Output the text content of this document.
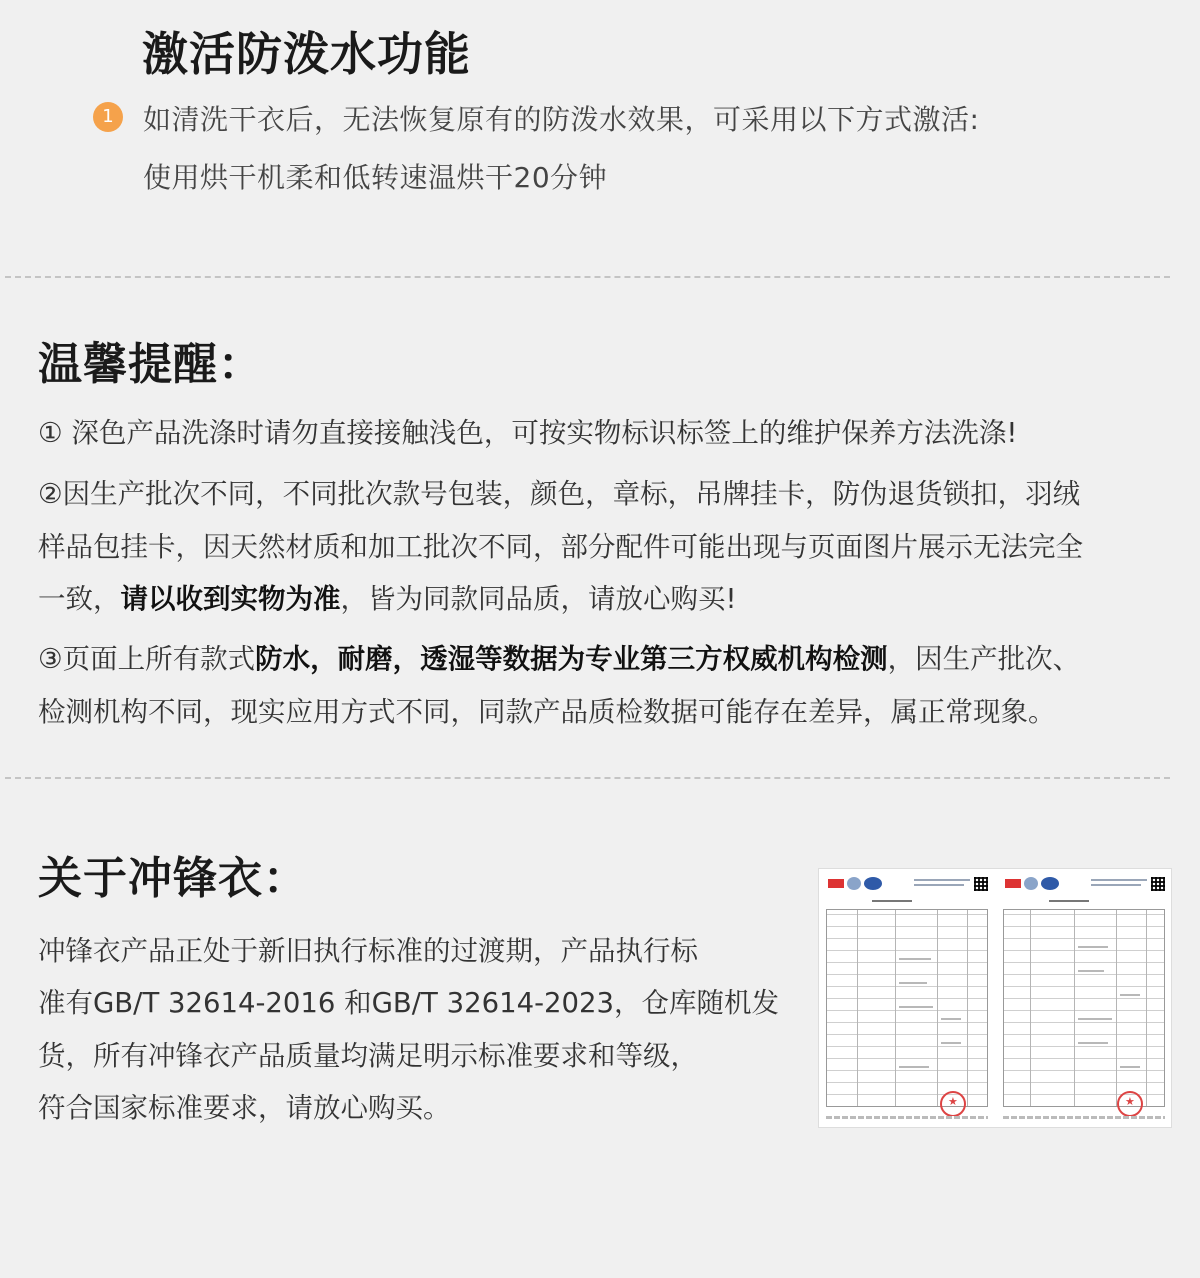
激活防泼水功能
1	如清洗干衣后，无法恢复原有的防泼水效果，可采用以下方式激活:
使用烘干机柔和低转速温烘干20分钟
温馨提醒：
① 深色产品洗涤时请勿直接接触浅色，可按实物标识标签上的维护保养方法洗涤!
②因生产批次不同，不同批次款号包装，颜色，章标，吊牌挂卡，防伪退货锁扣，羽绒
样品包挂卡，因天然材质和加工批次不同，部分配件可能出现与页面图片展示无法完全
一致，请以收到实物为准，皆为同款同品质，请放心购买!
③页面上所有款式防水，耐磨，透湿等数据为专业第三方权威机构检测，因生产批次、
检测机构不同，现实应用方式不同，同款产品质检数据可能存在差异，属正常现象。
关于冲锋衣：
冲锋衣产品正处于新旧执行标准的过渡期，产品执行标
准有GB/T 32614-2016 和GB/T 32614-2023，仓库随机发
货，所有冲锋衣产品质量均满足明示标准要求和等级，
符合国家标准要求，请放心购买。
★
★
